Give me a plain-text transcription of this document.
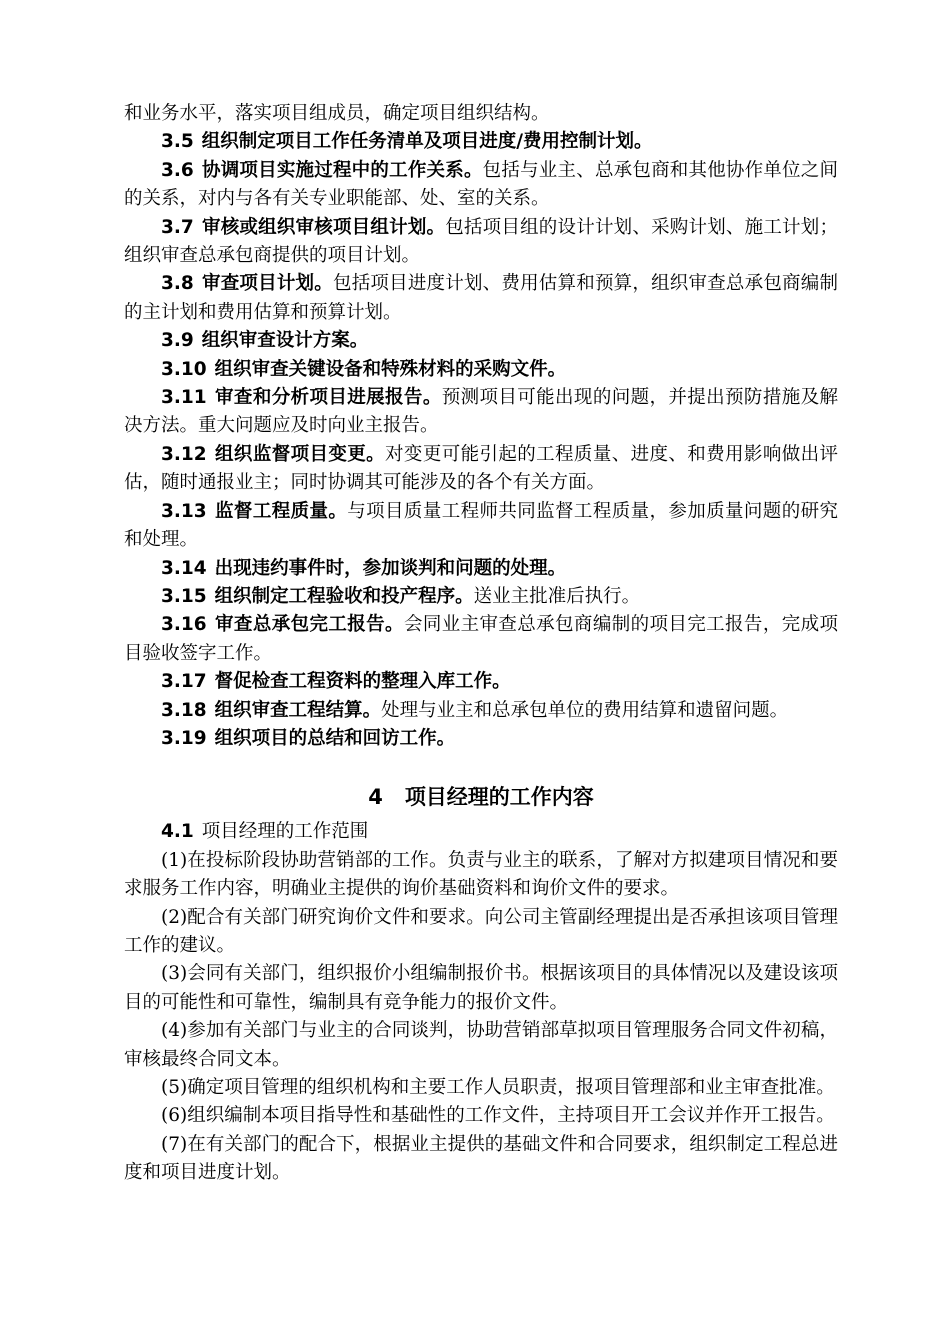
和业务水平，落实项目组成员，确定项目组织结构。

3.5 组织制定项目工作任务清单及项目进度/费用控制计划。

3.6 协调项目实施过程中的工作关系。包括与业主、总承包商和其他协作单位之间的关系，对内与各有关专业职能部、处、室的关系。

3.7 审核或组织审核项目组计划。包括项目组的设计计划、采购计划、施工计划；组织审查总承包商提供的项目计划。

3.8 审查项目计划。包括项目进度计划、费用估算和预算，组织审查总承包商编制的主计划和费用估算和预算计划。

3.9 组织审查设计方案。

3.10 组织审查关键设备和特殊材料的采购文件。

3.11 审查和分析项目进展报告。预测项目可能出现的问题，并提出预防措施及解决方法。重大问题应及时向业主报告。

3.12 组织监督项目变更。对变更可能引起的工程质量、进度、和费用影响做出评估，随时通报业主；同时协调其可能涉及的各个有关方面。

3.13 监督工程质量。与项目质量工程师共同监督工程质量，参加质量问题的研究和处理。

3.14 出现违约事件时，参加谈判和问题的处理。

3.15 组织制定工程验收和投产程序。送业主批准后执行。

3.16 审查总承包完工报告。会同业主审查总承包商编制的项目完工报告，完成项目验收签字工作。

3.17 督促检查工程资料的整理入库工作。

3.18 组织审查工程结算。处理与业主和总承包单位的费用结算和遗留问题。

3.19 组织项目的总结和回访工作。

4 项目经理的工作内容

4.1 项目经理的工作范围

(1)在投标阶段协助营销部的工作。负责与业主的联系，了解对方拟建项目情况和要求服务工作内容，明确业主提供的询价基础资料和询价文件的要求。

(2)配合有关部门研究询价文件和要求。向公司主管副经理提出是否承担该项目管理工作的建议。

(3)会同有关部门，组织报价小组编制报价书。根据该项目的具体情况以及建设该项目的可能性和可靠性，编制具有竞争能力的报价文件。

(4)参加有关部门与业主的合同谈判，协助营销部草拟项目管理服务合同文件初稿，审核最终合同文本。

(5)确定项目管理的组织机构和主要工作人员职责，报项目管理部和业主审查批准。

(6)组织编制本项目指导性和基础性的工作文件，主持项目开工会议并作开工报告。

(7)在有关部门的配合下，根据业主提供的基础文件和合同要求，组织制定工程总进度和项目进度计划。
